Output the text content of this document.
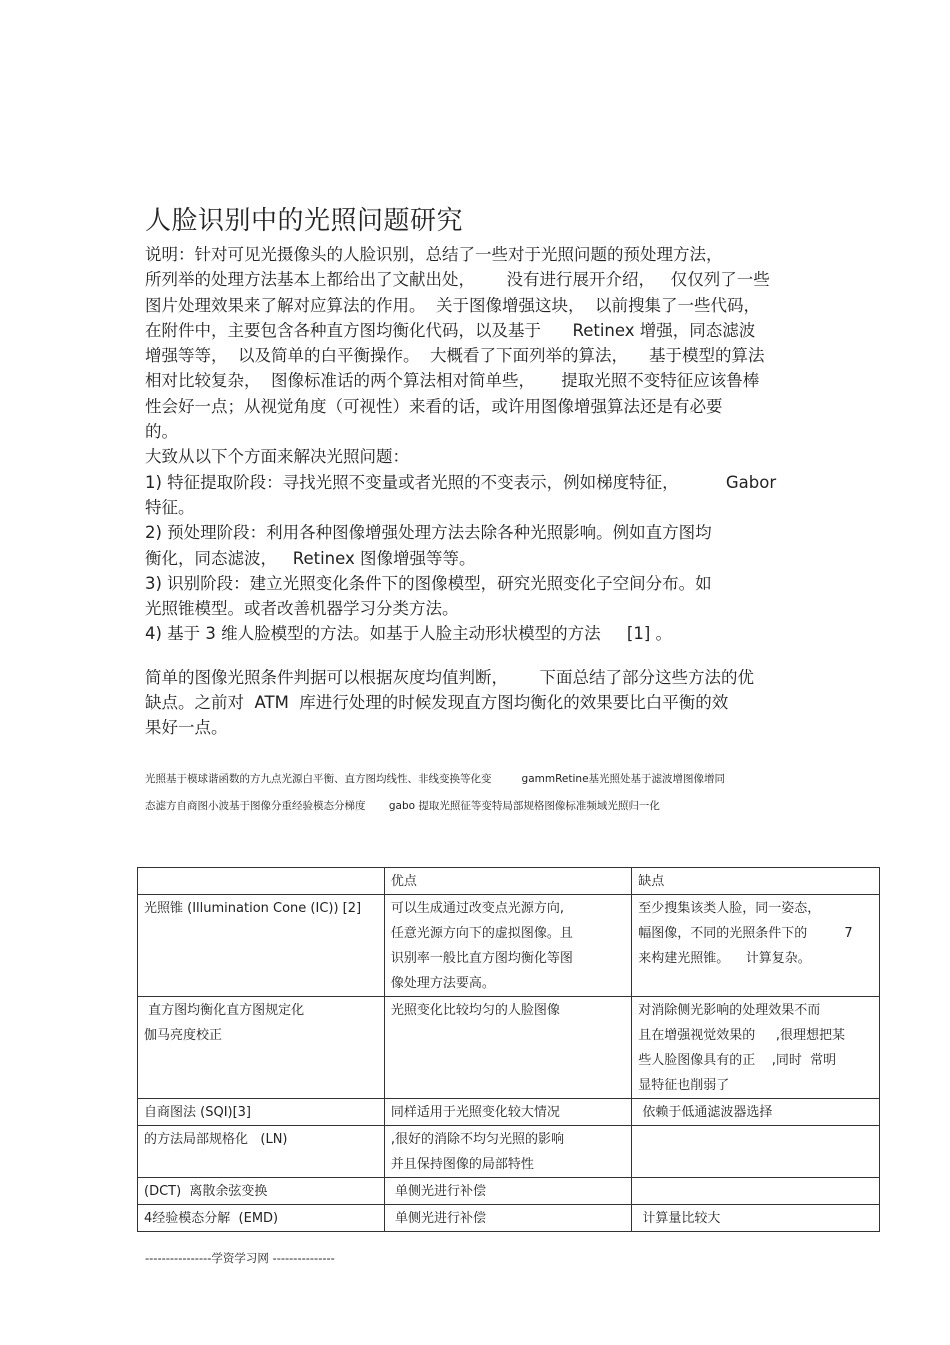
人脸识别中的光照问题研究
说明：针对可见光摄像头的人脸识别，总结了一些对于光照问题的预处理方法，
所列举的处理方法基本上都给出了文献出处，      没有进行展开介绍，   仅仅列了一些
图片处理效果来了解对应算法的作用。  关于图像增强这块，  以前搜集了一些代码，
在附件中，主要包含各种直方图均衡化代码，以及基于      Retinex 增强，同态滤波
增强等等，  以及简单的白平衡操作。  大概看了下面列举的算法，    基于模型的算法
相对比较复杂，  图像标准话的两个算法相对简单些，     提取光照不变特征应该鲁棒
性会好一点；从视觉角度（可视性）来看的话，或许用图像增强算法还是有必要
的。
大致从以下个方面来解决光照问题：
1) 特征提取阶段：寻找光照不变量或者光照的不变表示，例如梯度特征，         Gabor
特征。
2) 预处理阶段：利用各种图像增强处理方法去除各种光照影响。例如直方图均
衡化，同态滤波，   Retinex 图像增强等等。
3) 识别阶段：建立光照变化条件下的图像模型，研究光照变化子空间分布。如
光照锥模型。或者改善机器学习分类方法。
4) 基于 3 维人脸模型的方法。如基于人脸主动形状模型的方法     [1] 。
简单的图像光照条件判据可以根据灰度均值判断，      下面总结了部分这些方法的优
缺点。之前对  ATM  库进行处理的时候发现直方图均衡化的效果要比白平衡的效
果好一点。
光照基于模球谐函数的方九点光源白平衡、直方图均线性、非线变换等化变         gammRetine基光照处基于滤波增图像增同
态滤方自商图小波基于图像分重经验模态分梯度       gabo 提取光照征等变特局部规格图像标准频域光照归一化

	优点	缺点

光照锥 (Illumination Cone (IC)) [2]	可以生成通过改变点光源方向,
任意光源方向下的虚拟图像。且
识别率一般比直方图均衡化等图
像处理方法要高。	至少搜集该类人脸，同一姿态，
幅图像，不同的光照条件下的         7
来构建光照锥。    计算复杂。

直方图均衡化直方图规定化
伽马亮度校正	光照变化比较均匀的人脸图像	对消除侧光影响的处理效果不而
且在增强视觉效果的     ,很理想把某
些人脸图像具有的正    ,同时  常明
显特征也削弱了

自商图法 (SQI)[3]	同样适用于光照变化较大情况	依赖于低通滤波器选择

的方法局部规格化   (LN)	,很好的消除不均匀光照的影响
并且保持图像的局部特性	

(DCT)  离散余弦变换	单侧光进行补偿	

4经验模态分解  (EMD)	单侧光进行补偿	计算量比较大
----------------学资学习网 ---------------
